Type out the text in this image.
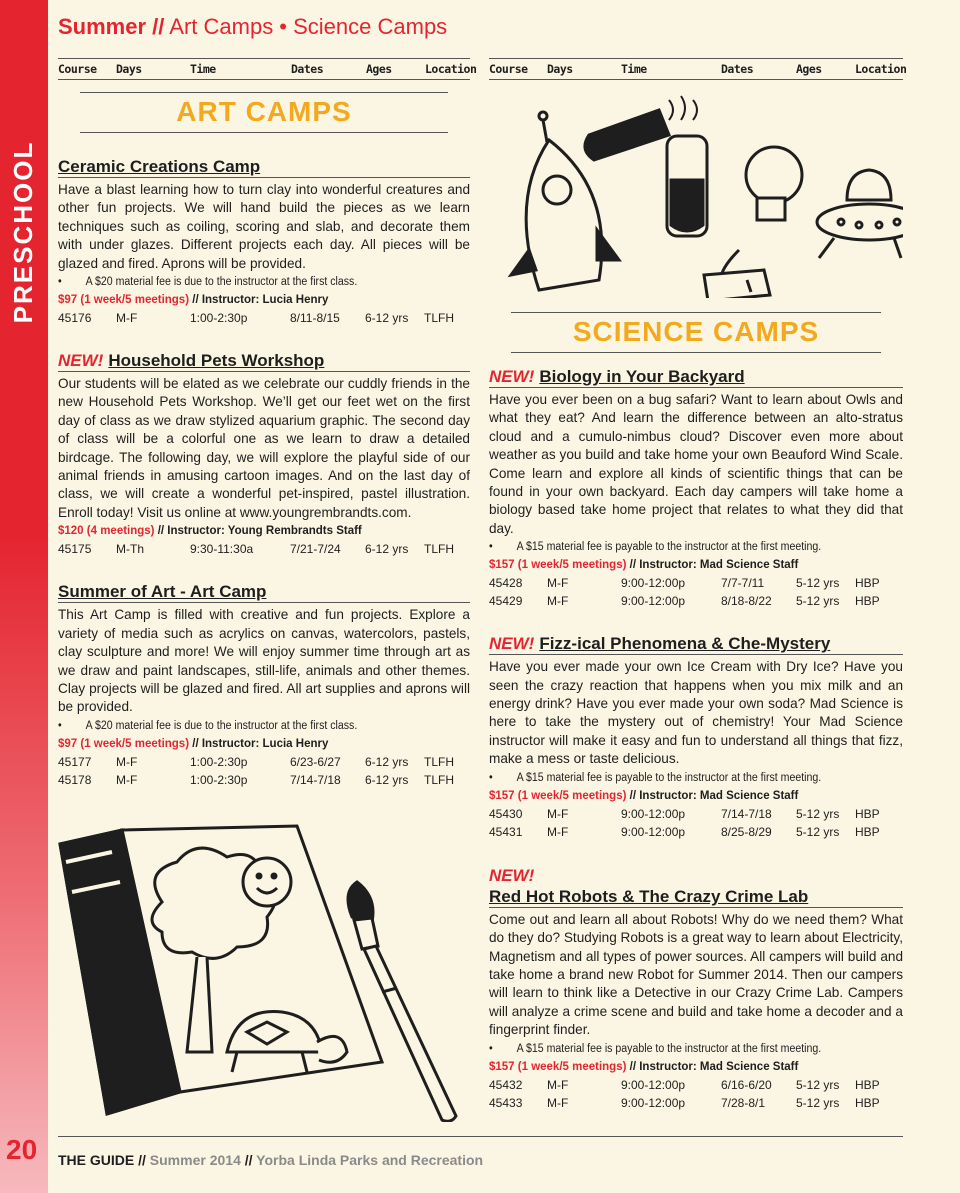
PRESCHOOL
20
Summer // Art Camps • Science Camps
Course	Days	Time	Dates	Ages	Location
ART CAMPS
Ceramic Creations Camp

Have a blast learning how to turn clay into wonderful creatures and other fun projects. We will hand build the pieces as we learn techniques such as coiling, scoring and slab, and decorate them with under glazes. Different projects each day. All pieces will be glazed and fired. Aprons will be provided.

• A $20 material fee is due to the instructor at the first class.
$97 (1 week/5 meetings) // Instructor: Lucia Henry
45176	M-F	1:00-2:30p	8/11-8/15	6-12 yrs	TLFH
NEW! Household Pets Workshop

Our students will be elated as we celebrate our cuddly friends in the new Household Pets Workshop. We’ll get our feet wet on the first day of class as we draw stylized aquarium graphic. The second day of class will be a colorful one as we learn to draw a detailed birdcage. The following day, we will explore the playful side of our animal friends in amusing cartoon images. And on the last day of class, we will create a wonderful pet-inspired, pastel illustration. Enroll today! Visit us online at www.youngrembrandts.com.

$120 (4 meetings) // Instructor: Young Rembrandts Staff
45175	M-Th	9:30-11:30a	7/21-7/24	6-12 yrs	TLFH
Summer of Art - Art Camp

This Art Camp is filled with creative and fun projects. Explore a variety of media such as acrylics on canvas, watercolors, pastels, clay sculpture and more! We will enjoy summer time through art as we draw and paint landscapes, still-life, animals and other themes. Clay projects will be glazed and fired. All art supplies and aprons will be provided.

• A $20 material fee is due to the instructor at the first class.
$97 (1 week/5 meetings) // Instructor: Lucia Henry
45177	M-F	1:00-2:30p	6/23-6/27	6-12 yrs	TLFH
45178	M-F	1:00-2:30p	7/14-7/18	6-12 yrs	TLFH
Course	Days	Time	Dates	Ages	Location
SCIENCE CAMPS
NEW! Biology in Your Backyard

Have you ever been on a bug safari? Want to learn about Owls and what they eat? And learn the difference between an alto-stratus cloud and a cumulo-nimbus cloud? Discover even more about weather as you build and take home your own Beauford Wind Scale. Come learn and explore all kinds of scientific things that can be found in your own backyard. Each day campers will take home a biology based take home project that relates to what they did that day.

• A $15 material fee is payable to the instructor at the first meeting.
$157 (1 week/5 meetings) // Instructor: Mad Science Staff
45428	M-F	9:00-12:00p	7/7-7/11	5-12 yrs	HBP
45429	M-F	9:00-12:00p	8/18-8/22	5-12 yrs	HBP
NEW! Fizz-ical Phenomena & Che-Mystery

Have you ever made your own Ice Cream with Dry Ice? Have you seen the crazy reaction that happens when you mix milk and an energy drink? Have you ever made your own soda? Mad Science is here to take the mystery out of chemistry! Your Mad Science instructor will make it easy and fun to understand all things that fizz, make a mess or taste delicious.

• A $15 material fee is payable to the instructor at the first meeting.
$157 (1 week/5 meetings) // Instructor: Mad Science Staff
45430	M-F	9:00-12:00p	7/14-7/18	5-12 yrs	HBP
45431	M-F	9:00-12:00p	8/25-8/29	5-12 yrs	HBP
NEW!
Red Hot Robots & The Crazy Crime Lab

Come out and learn all about Robots! Why do we need them? What do they do? Studying Robots is a great way to learn about Electricity, Magnetism and all types of power sources. All campers will build and take home a brand new Robot for Summer 2014. Then our campers will learn to think like a Detective in our Crazy Crime Lab. Campers will analyze a crime scene and build and take home a decoder and a fingerprint finder.

• A $15 material fee is payable to the instructor at the first meeting.
$157 (1 week/5 meetings) // Instructor: Mad Science Staff
45432	M-F	9:00-12:00p	6/16-6/20	5-12 yrs	HBP
45433	M-F	9:00-12:00p	7/28-8/1	5-12 yrs	HBP
THE GUIDE // Summer 2014 // Yorba Linda Parks and Recreation
